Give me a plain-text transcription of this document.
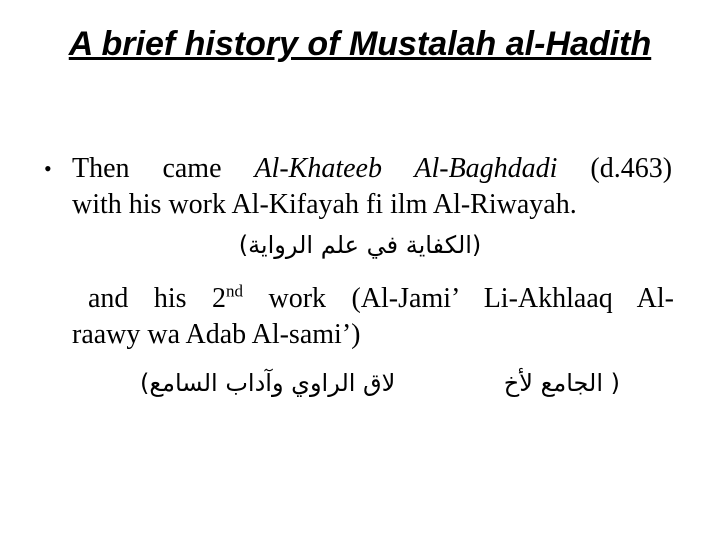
A brief history of Mustalah al-Hadith
• Then came Al-Khateeb Al-Baghdadi (d.463)
with his work Al-Kifayah fi ilm Al-Riwayah.
(الكفاية في علم الرواية)
and his 2nd work (Al-Jami’ Li-Akhlaaq Al-
raawy wa Adab Al-sami’)
لاق الراوي وآداب السامع)	( الجامع لأخ
